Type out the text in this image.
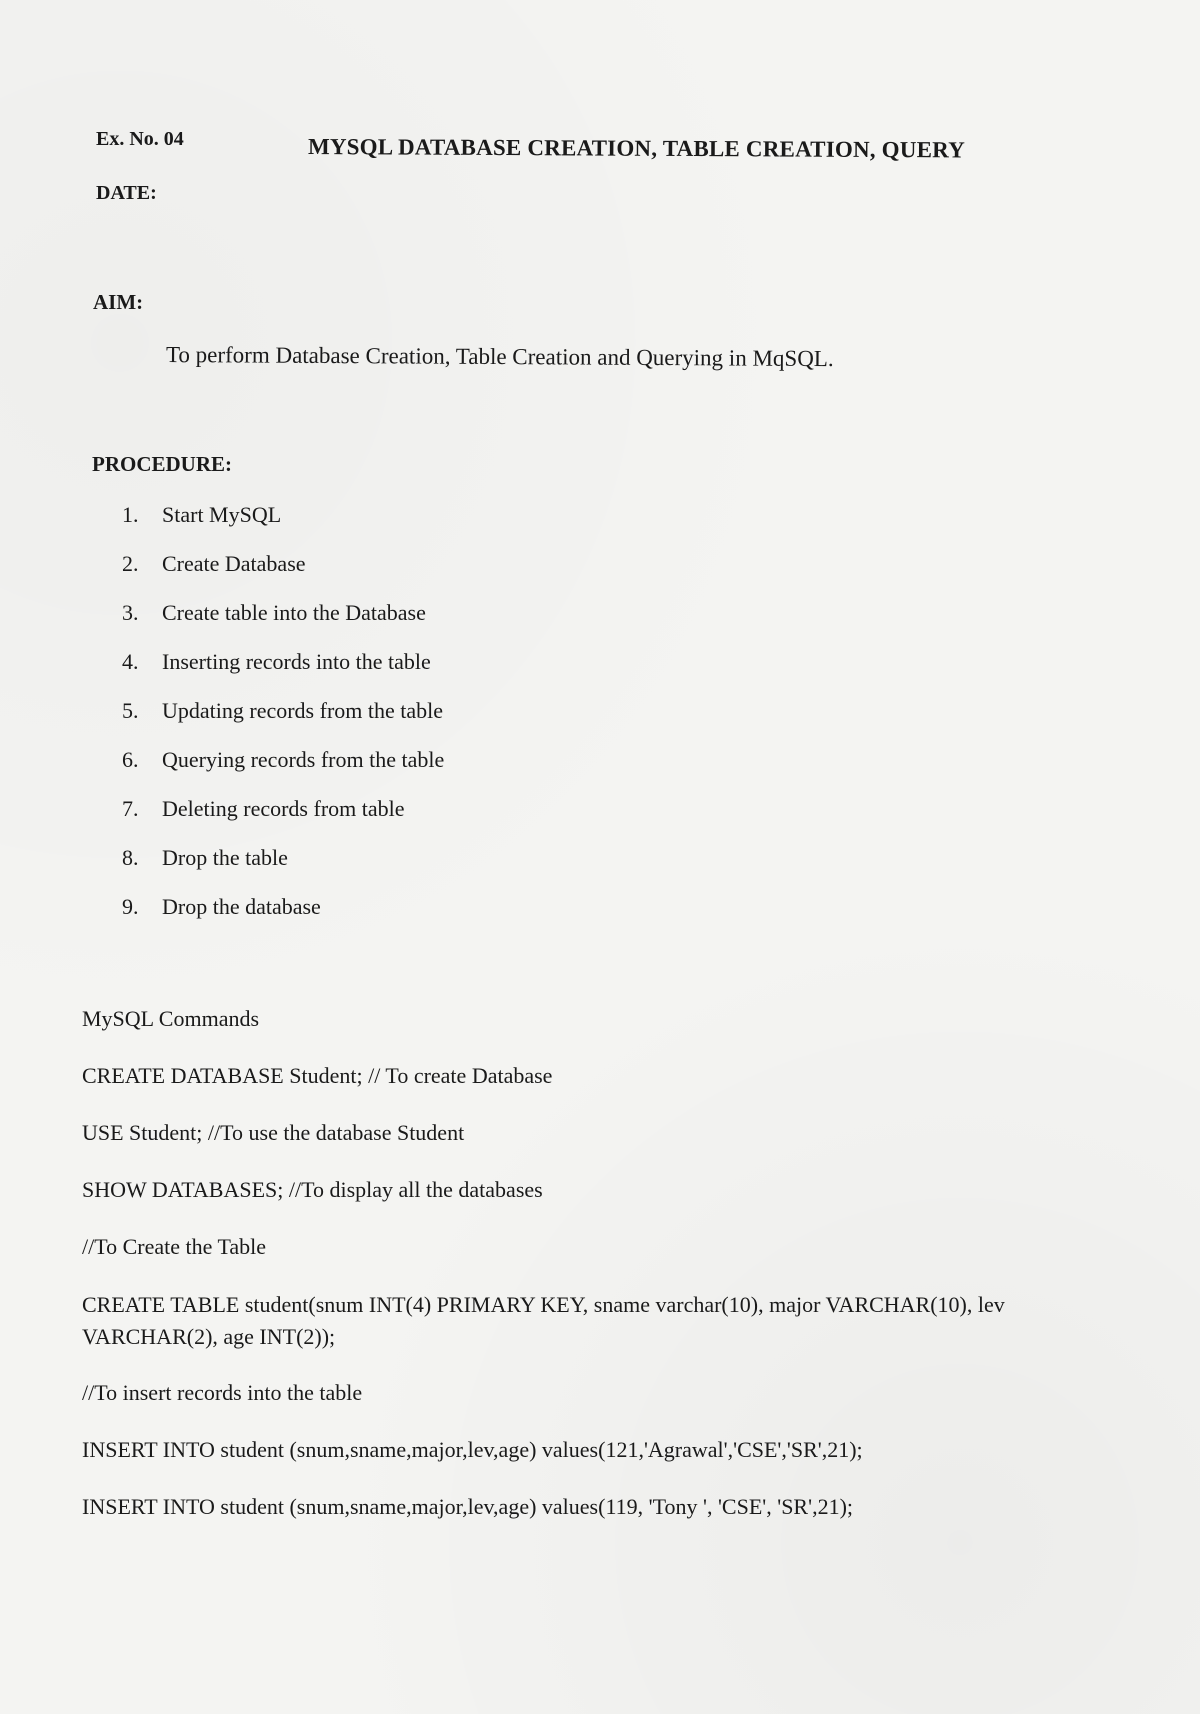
Ex. No. 04	MYSQL DATABASE CREATION, TABLE CREATION, QUERY
DATE:
AIM:
To perform Database Creation, Table Creation and Querying in MqSQL.
PROCEDURE:
1.	Start MySQL
2.	Create Database
3.	Create table into the Database
4.	Inserting records into the table
5.	Updating records from the table
6.	Querying records from the table
7.	Deleting records from table
8.	Drop the table
9.	Drop the database
MySQL Commands
CREATE DATABASE Student; // To create Database
USE Student; //To use the database Student
SHOW DATABASES; //To display all the databases
//To Create the Table
CREATE TABLE student(snum INT(4) PRIMARY KEY, sname varchar(10), major VARCHAR(10), lev VARCHAR(2), age INT(2));
//To insert records into the table
INSERT INTO student (snum,sname,major,lev,age) values(121,'Agrawal','CSE','SR',21);
INSERT INTO student (snum,sname,major,lev,age) values(119, 'Tony ', 'CSE', 'SR',21);
